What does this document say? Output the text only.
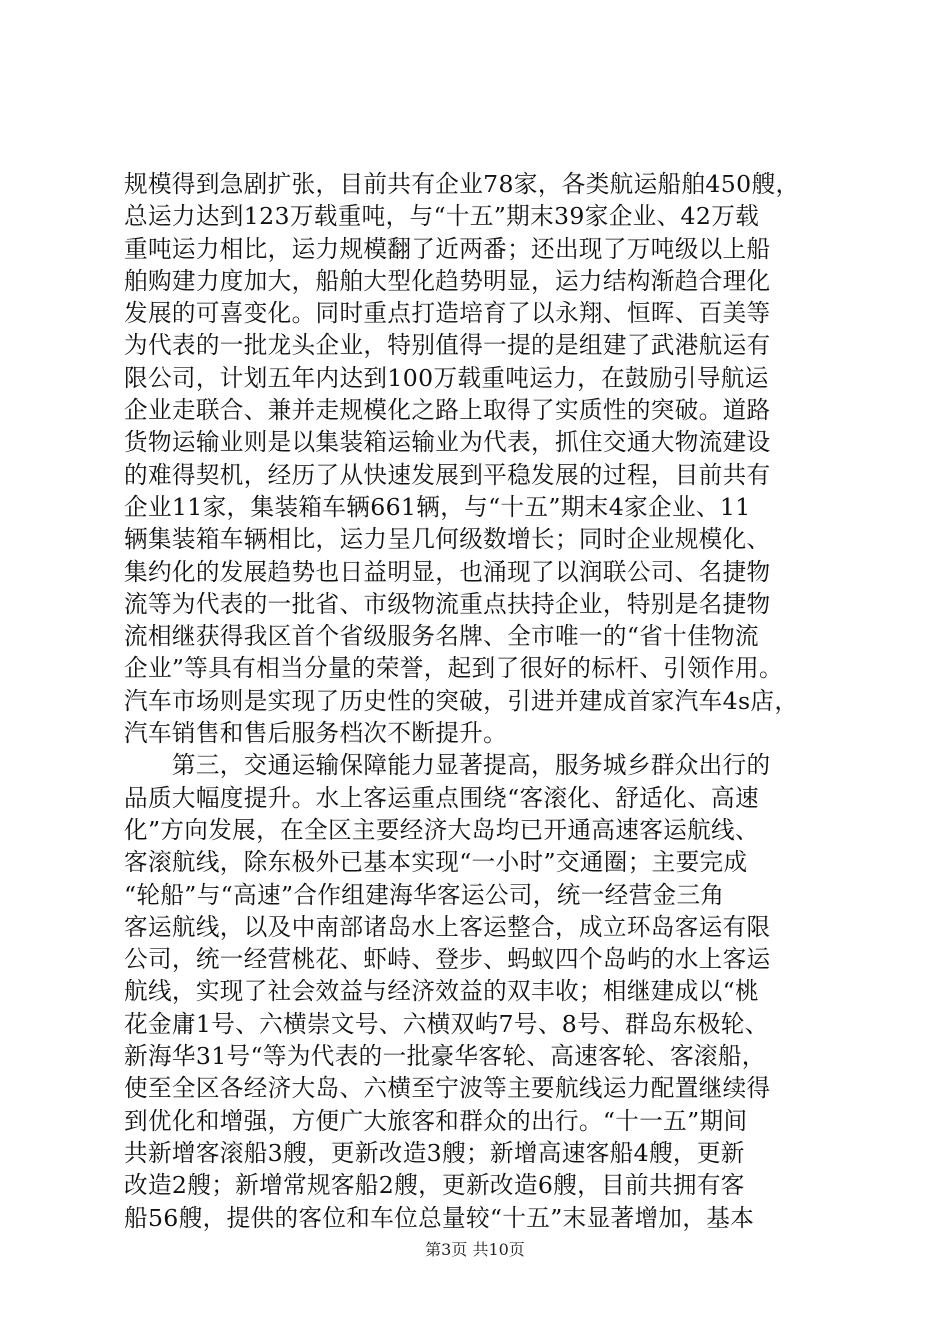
规模得到急剧扩张，目前共有企业78家，各类航运船舶450艘，
总运力达到123万载重吨，与“十五”期末39家企业、42万载
重吨运力相比，运力规模翻了近两番；还出现了万吨级以上船
舶购建力度加大，船舶大型化趋势明显，运力结构渐趋合理化
发展的可喜变化。同时重点打造培育了以永翔、恒晖、百美等
为代表的一批龙头企业，特别值得一提的是组建了武港航运有
限公司，计划五年内达到100万载重吨运力，在鼓励引导航运
企业走联合、兼并走规模化之路上取得了实质性的突破。道路
货物运输业则是以集装箱运输业为代表，抓住交通大物流建设
的难得契机，经历了从快速发展到平稳发展的过程，目前共有
企业11家，集装箱车辆661辆，与“十五”期末4家企业、11
辆集装箱车辆相比，运力呈几何级数增长；同时企业规模化、
集约化的发展趋势也日益明显，也涌现了以润联公司、名捷物
流等为代表的一批省、市级物流重点扶持企业，特别是名捷物
流相继获得我区首个省级服务名牌、全市唯一的“省十佳物流
企业”等具有相当分量的荣誉，起到了很好的标杆、引领作用。
汽车市场则是实现了历史性的突破，引进并建成首家汽车4s店，
汽车销售和售后服务档次不断提升。
　　第三，交通运输保障能力显著提高，服务城乡群众出行的
品质大幅度提升。水上客运重点围绕“客滚化、舒适化、高速
化”方向发展，在全区主要经济大岛均已开通高速客运航线、
客滚航线，除东极外已基本实现“一小时”交通圈；主要完成
“轮船”与“高速”合作组建海华客运公司，统一经营金三角
客运航线，以及中南部诸岛水上客运整合，成立环岛客运有限
公司，统一经营桃花、虾峙、登步、蚂蚁四个岛屿的水上客运
航线，实现了社会效益与经济效益的双丰收；相继建成以“桃
花金庸1号、六横崇文号、六横双屿7号、8号、群岛东极轮、
新海华31号“等为代表的一批豪华客轮、高速客轮、客滚船，
使至全区各经济大岛、六横至宁波等主要航线运力配置继续得
到优化和增强，方便广大旅客和群众的出行。“十一五”期间
共新增客滚船3艘，更新改造3艘；新增高速客船4艘，更新
改造2艘；新增常规客船2艘，更新改造6艘，目前共拥有客
船56艘，提供的客位和车位总量较“十五”末显著增加，基本
第3页 共10页
